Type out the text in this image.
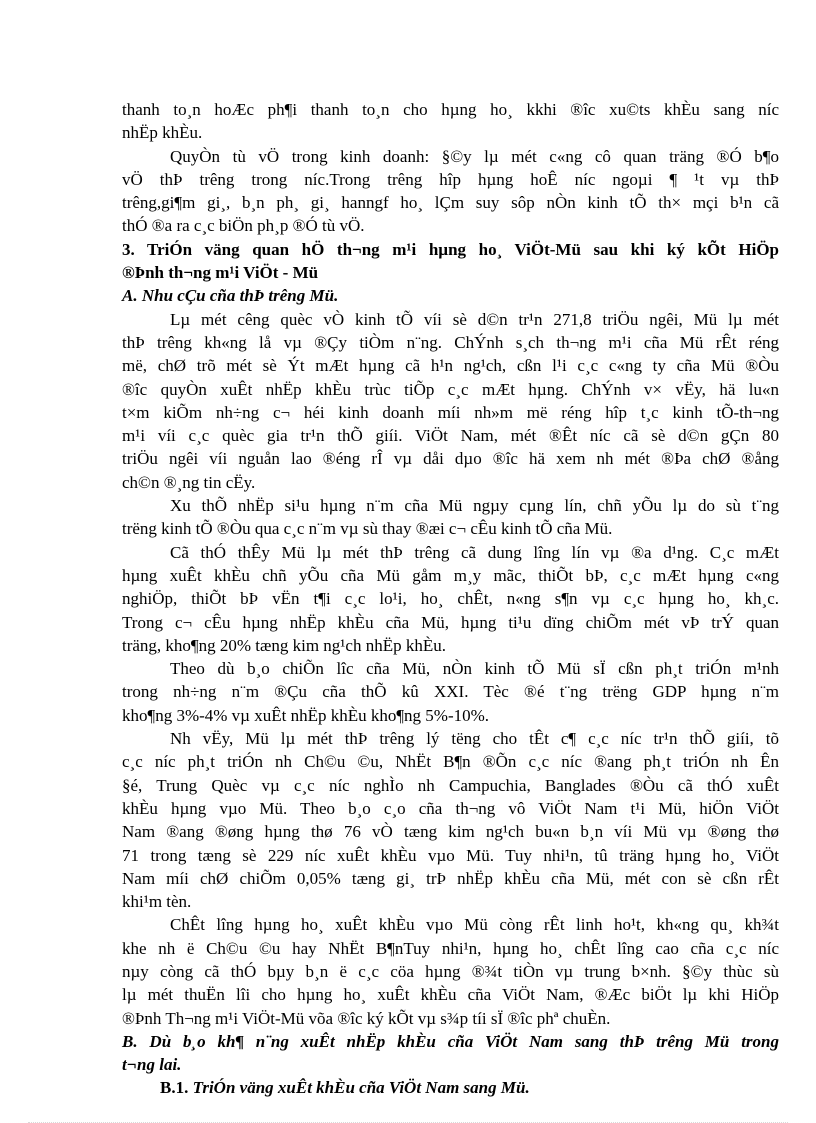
thanh to¸n hoÆc ph¶i thanh to¸n cho hµng ho¸ kkhi ®îc xu©ts khÈu sang níc
nhËp khÈu.
QuyÒn tù vÖ trong kinh doanh: §©y lµ mét c«ng cô quan träng ®Ó b¶o
vÖ thÞ trêng trong níc.Trong trêng hîp hµng hoÊ níc ngoµi ¶ ¹t vµ thÞ
trêng,gi¶m gi¸, b¸n ph¸ gi¸ hanngf ho¸ lÇm suy sôp nÒn kinh tÕ th× mçi b¹n cã
thÓ ®a ra c¸c biÖn ph¸p ®Ó tù vÖ.
3. TriÓn väng quan hÖ th¬ng m¹i hµng ho¸ ViÖt-Mü sau khi ký kÕt HiÖp
®Þnh th¬ng m¹i ViÖt - Mü
A. Nhu cÇu cña thÞ trêng Mü.
Lµ mét cêng quèc vÒ kinh tÕ víi sè d©n tr¹n 271,8 triÖu ngêi, Mü lµ mét
thÞ trêng kh«ng lå vµ ®Çy tiÒm n¨ng. ChÝnh s¸ch th¬ng m¹i cña Mü rÊt réng
më, chØ trõ mét sè Ýt mÆt hµng cã h¹n ng¹ch, cßn l¹i c¸c c«ng ty cña Mü ®Òu
®îc quyÒn xuÊt nhËp khÈu trùc tiÕp c¸c mÆt hµng. ChÝnh v× vËy, hä lu«n
t×m kiÕm nh÷ng c¬ héi kinh doanh míi nh»m më réng hîp t¸c kinh tÕ-th¬ng
m¹i víi c¸c quèc gia tr¹n thÕ giíi. ViÖt Nam, mét ®Êt níc cã sè d©n gÇn 80
triÖu ngêi víi nguån lao ®éng rÎ vµ dåi dµo ®îc hä xem nh mét ®Þa chØ ®ång
ch©n ®¸ng tin cËy.
Xu thÕ nhËp si¹u hµng n¨m cña Mü ngµy cµng lín, chñ yÕu lµ do sù t¨ng
trëng kinh tÕ ®Òu qua c¸c n¨m vµ sù thay ®æi c¬ cÊu kinh tÕ cña Mü.
Cã thÓ thÊy Mü lµ mét thÞ trêng cã dung lîng lín vµ ®a d¹ng. C¸c mÆt
hµng xuÊt khÈu chñ yÕu cña Mü gåm m¸y mãc, thiÕt bÞ, c¸c mÆt hµng c«ng
nghiÖp, thiÕt bÞ vËn t¶i c¸c lo¹i, ho¸ chÊt, n«ng s¶n vµ c¸c hµng ho¸ kh¸c.
Trong c¬ cÊu hµng nhËp khÈu cña Mü, hµng ti¹u dïng chiÕm mét vÞ trÝ quan
träng, kho¶ng 20% tæng kim ng¹ch nhËp khÈu.
Theo dù b¸o chiÕn lîc cña Mü, nÒn kinh tÕ Mü sÏ cßn ph¸t triÓn m¹nh
trong nh÷ng n¨m ®Çu cña thÕ kû XXI. Tèc ®é t¨ng trëng GDP hµng n¨m
kho¶ng 3%-4% vµ xuÊt nhËp khÈu kho¶ng 5%-10%.
Nh vËy, Mü lµ mét thÞ trêng lý tëng cho tÊt c¶ c¸c níc tr¹n thÕ giíi, tõ
c¸c níc ph¸t triÓn nh Ch©u ©u, NhËt B¶n ®Õn c¸c níc ®ang ph¸t triÓn nh Ên
§é, Trung Quèc vµ c¸c níc nghÌo nh Campuchia, Banglades ®Òu cã thÓ xuÊt
khÈu hµng vµo Mü. Theo b¸o c¸o cña th¬ng vô ViÖt Nam t¹i Mü, hiÖn ViÖt
Nam ®ang ®øng hµng thø 76 vÒ tæng kim ng¹ch bu«n b¸n víi Mü vµ ®øng thø
71 trong tæng sè 229 níc xuÊt khÈu vµo Mü. Tuy nhi¹n, tû träng hµng ho¸ ViÖt
Nam míi chØ chiÕm 0,05% tæng gi¸ trÞ nhËp khÈu cña Mü, mét con sè cßn rÊt
khi¹m tèn.
ChÊt lîng hµng ho¸ xuÊt khÈu vµo Mü còng rÊt linh ho¹t, kh«ng qu¸ kh¾t
khe nh ë Ch©u ©u hay NhËt B¶nTuy nhi¹n, hµng ho¸ chÊt lîng cao cña c¸c níc
nµy còng cã thÓ bµy b¸n ë c¸c cöa hµng ®¾t tiÒn vµ trung b×nh. §©y thùc sù
lµ mét thuËn lîi cho hµng ho¸ xuÊt khÈu cña ViÖt Nam, ®Æc biÖt lµ khi HiÖp
®Þnh Th¬ng m¹i ViÖt-Mü võa ®îc ký kÕt vµ s¾p tíi sÏ ®îc phª chuÈn.
B. Dù b¸o kh¶ n¨ng xuÊt nhËp khÈu cña ViÖt Nam sang thÞ trêng Mü trong
t¬ng lai.
B.1. TriÓn väng xuÊt khÈu cña ViÖt Nam sang Mü.
